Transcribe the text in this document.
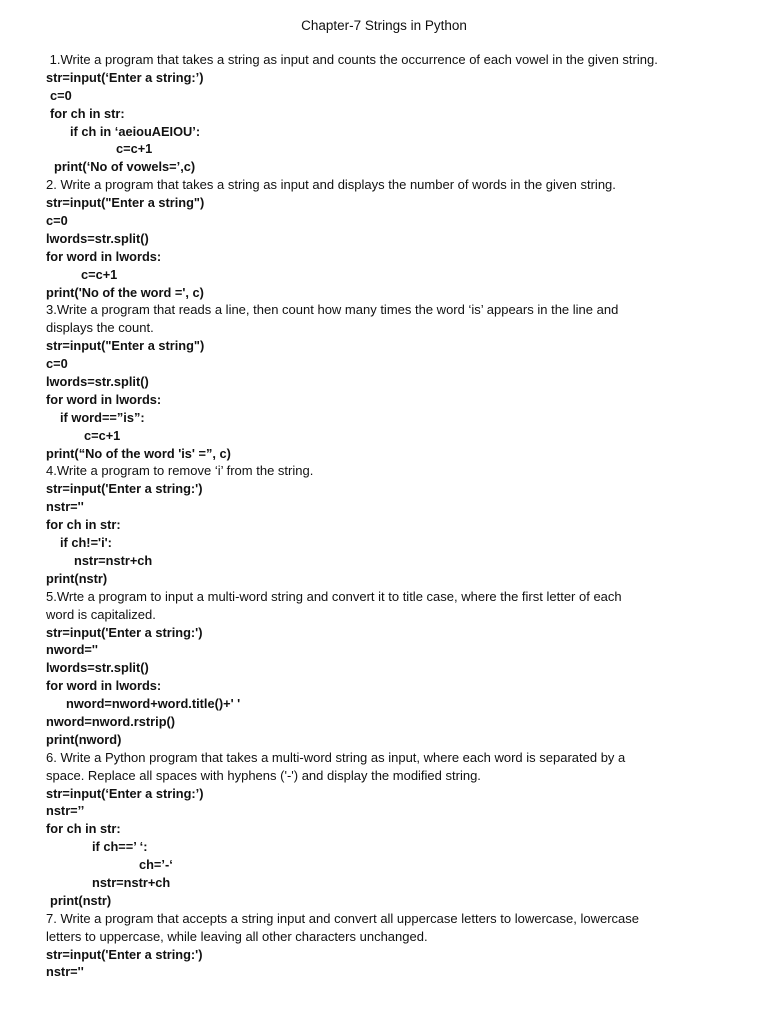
Chapter-7 Strings in Python
1.Write a program that takes a string as input and counts the occurrence of each vowel in the given string.
str=input(‘Enter a string:’)
c=0
for ch in str:
if ch in ‘aeiouAEIOU’:
c=c+1
print(‘No of vowels=’,c)
2. Write a program that takes a string as input and displays the number of words in the given string.
str=input("Enter a string")
c=0
lwords=str.split()
for word in lwords:
c=c+1
print('No of the word =', c)
3.Write a program that reads a line, then count how many times the word ‘is’ appears in the line and
displays the count.
str=input("Enter a string")
c=0
lwords=str.split()
for word in lwords:
if word==”is”:
c=c+1
print(“No of the word 'is' =”, c)
4.Write a program to remove ‘i’ from the string.
str=input('Enter a string:')
nstr=''
for ch in str:
if ch!='i':
nstr=nstr+ch
print(nstr)
5.Wrte a program to input a multi-word string and convert it to title case, where the first letter of each
word is capitalized.
str=input('Enter a string:')
nword=''
lwords=str.split()
for word in lwords:
nword=nword+word.title()+' '
nword=nword.rstrip()
print(nword)
6. Write a Python program that takes a multi-word string as input, where each word is separated by a
space. Replace all spaces with hyphens ('-') and display the modified string.
str=input(‘Enter a string:’)
nstr=’’
for ch in str:
if ch==’ ‘:
ch=’-‘
nstr=nstr+ch
print(nstr)
7. Write a program that accepts a string input and convert all uppercase letters to lowercase, lowercase
letters to uppercase, while leaving all other characters unchanged.
str=input('Enter a string:')
nstr=''
